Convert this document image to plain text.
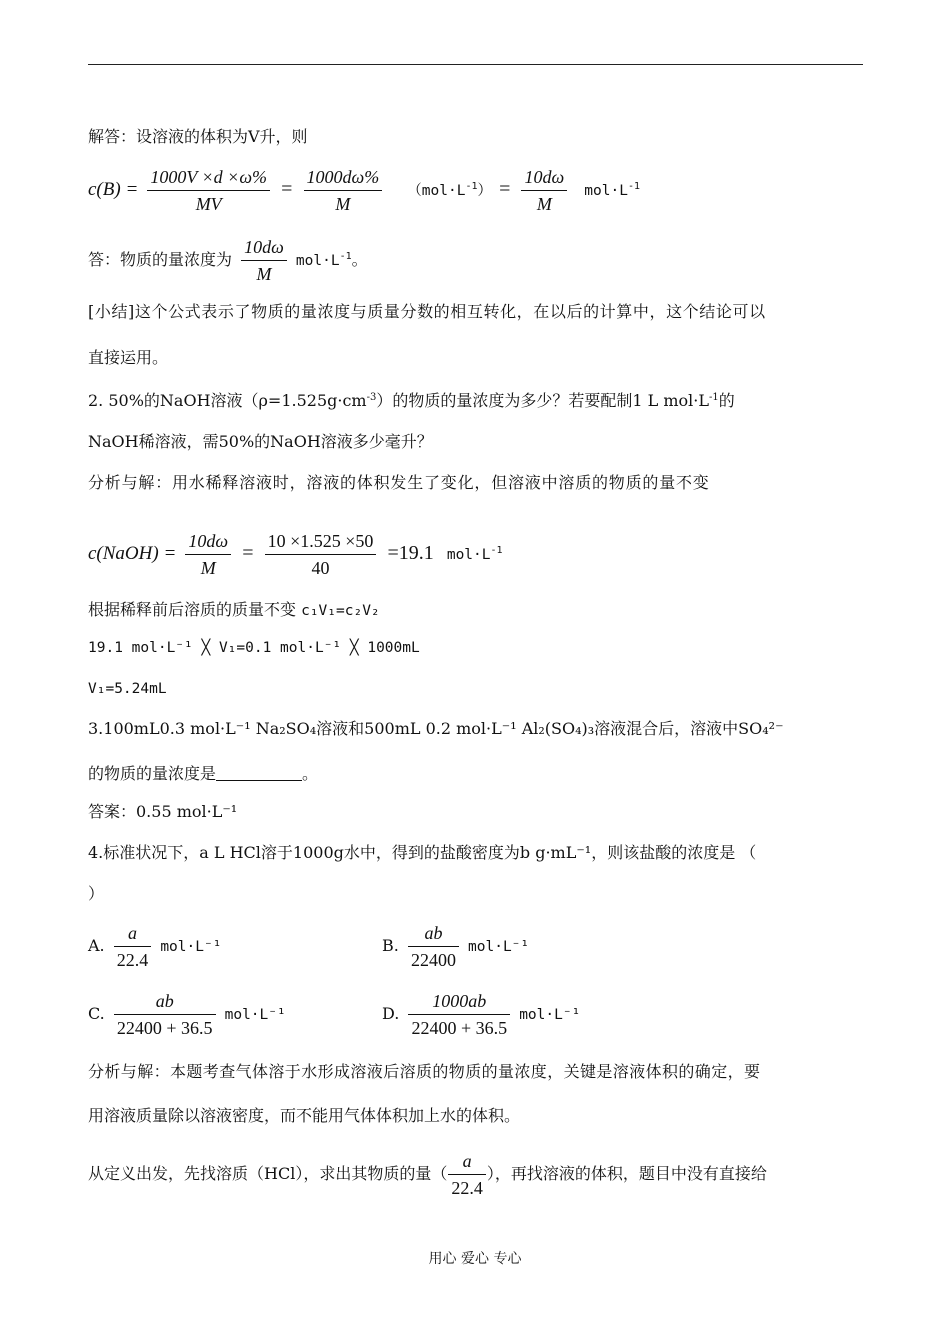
解答：设溶液的体积为V升，则
$c(B) = \frac{1000V \times d \times\omega\%}{MV} = \frac{1000d\omega\%}{M} (mol\cdot L^{-1}) = \frac{10d\omega}{M} mol\cdot L^{-1}$
答：物质的量浓度为 $\frac{10d\omega}{M} mol\cdot L^{-1}$。
[小结]这个公式表示了物质的量浓度与质量分数的相互转化，在以后的计算中，这个结论可以
直接运用。
2. 50%的NaOH溶液$(\rho=1.525g\cdot cm^{-3})$的物质的量浓度为多少？若要配制1 L $mol\cdot L^{-1}$的
NaOH稀溶液，需50%的NaOH溶液多少毫升？
分析与解：用水稀释溶液时，溶液的体积发生了变化，但溶液中溶质的物质的量不变
c(NaOH) = $\frac{10d\omega}{M} = \frac{10 \times 1.525 \times 50}{40} =19.1$ $mol\cdot L^{-1}$
根据稀释前后溶质的质量不变 c₁V₁=c₂V₂
19.1 mol·L⁻¹ ╳ V₁=0.1 mol·L⁻¹ ╳ 1000mL
V₁=5.24mL
3.100mL0.3 mol·L⁻¹ Na₂SO₄溶液和500mL 0.2 mol·L⁻¹ Al₂(SO₄)₃溶液混合后，溶液中SO₄²⁻
的物质的量浓度是	。
答案：0.55 mol·L⁻¹
4.标准状况下，a L HCl溶于1000g水中，得到的盐酸密度为b g·mL⁻¹，则该盐酸的浓度是 （
）
A. $\frac{a}{22.4} mol\cdot L^{-1}$	B. $\frac{ab}{22400} mol\cdot L^{-1}$
C. $\frac{ab}{22400 + 36.5} mol\cdot L^{-1}$	D. $\frac{1000ab}{22400 + 36.5} mol\cdot L^{-1}$
分析与解：本题考查气体溶于水形成溶液后溶质的物质的量浓度，关键是溶液体积的确定，要
用溶液质量除以溶液密度，而不能用气体体积加上水的体积。
从定义出发，先找溶质（HCl），求出其物质的量（ $\frac{a}{22.4}$ ），再找溶液的体积，题目中没有直接给
用心 爱心 专心
